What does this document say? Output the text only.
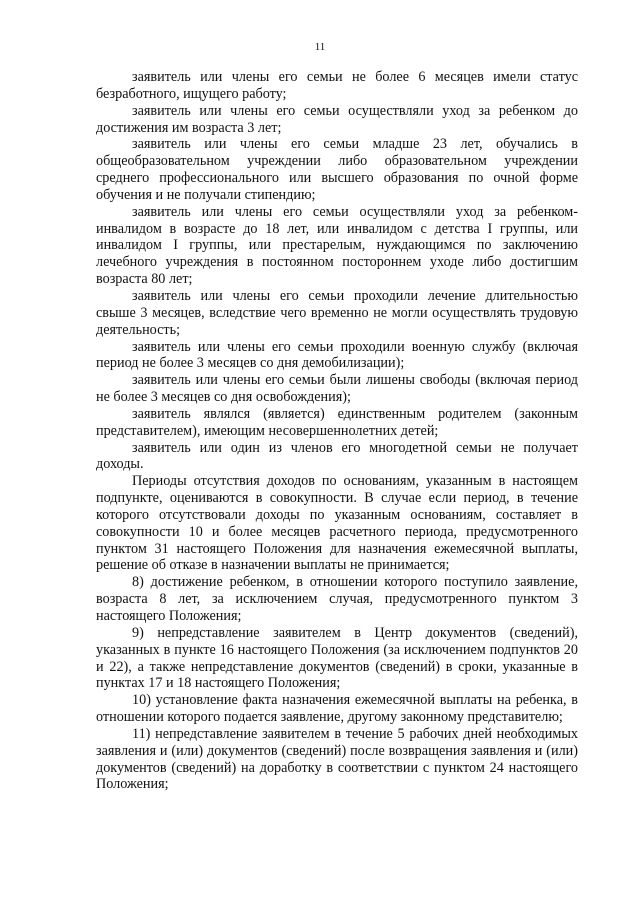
11

заявитель или члены его семьи не более 6 месяцев имели статус безработного, ищущего работу;

заявитель или члены его семьи осуществляли уход за ребенком до достижения им возраста 3 лет;

заявитель или члены его семьи младше 23 лет, обучались в общеобразовательном учреждении либо образовательном учреждении среднего профессионального или высшего образования по очной форме обучения и не получали стипендию;

заявитель или члены его семьи осуществляли уход за ребенком-инвалидом в возрасте до 18 лет, или инвалидом с детства I группы, или инвалидом I группы, или престарелым, нуждающимся по заключению лечебного учреждения в постоянном постороннем уходе либо достигшим возраста 80 лет;

заявитель или члены его семьи проходили лечение длительностью свыше 3 месяцев, вследствие чего временно не могли осуществлять трудовую деятельность;

заявитель или члены его семьи проходили военную службу (включая период не более 3 месяцев со дня демобилизации);

заявитель или члены его семьи были лишены свободы (включая период не более 3 месяцев со дня освобождения);

заявитель являлся (является) единственным родителем (законным представителем), имеющим несовершеннолетних детей;

заявитель или один из членов его многодетной семьи не получает доходы.

Периоды отсутствия доходов по основаниям, указанным в настоящем подпункте, оцениваются в совокупности. В случае если период, в течение которого отсутствовали доходы по указанным основаниям, составляет в совокупности 10 и более месяцев расчетного периода, предусмотренного пунктом 31 настоящего Положения для назначения ежемесячной выплаты, решение об отказе в назначении выплаты не принимается;

8) достижение ребенком, в отношении которого поступило заявление, возраста 8 лет, за исключением случая, предусмотренного пунктом 3 настоящего Положения;

9) непредставление заявителем в Центр документов (сведений), указанных в пункте 16 настоящего Положения (за исключением подпунктов 20 и 22), а также непредставление документов (сведений) в сроки, указанные в пунктах 17 и 18 настоящего Положения;

10) установление факта назначения ежемесячной выплаты на ребенка, в отношении которого подается заявление, другому законному представителю;

11) непредставление заявителем в течение 5 рабочих дней необходимых заявления и (или) документов (сведений) после возвращения заявления и (или) документов (сведений) на доработку в соответствии с пунктом 24 настоящего Положения;
